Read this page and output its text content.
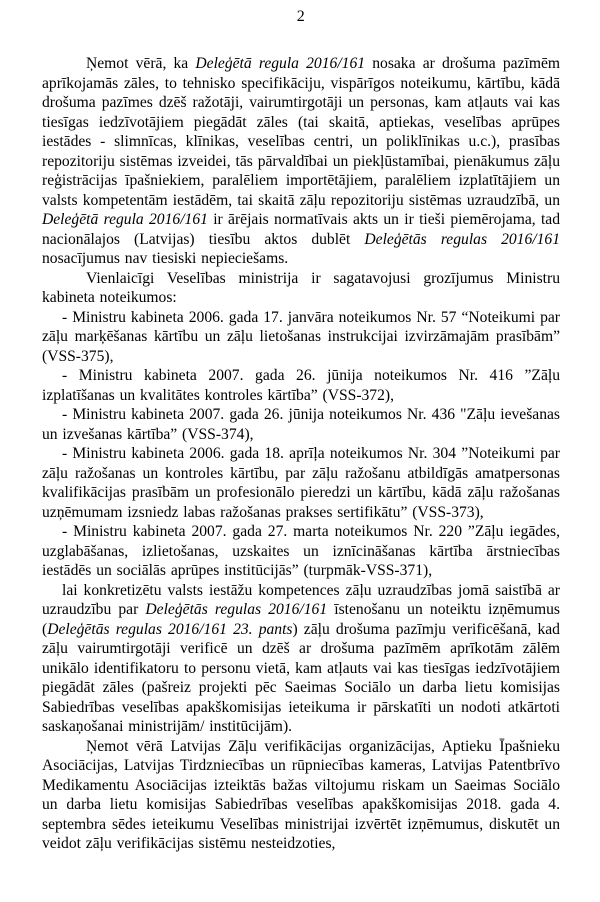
2

Ņemot vērā, ka Deleģētā regula 2016/161 nosaka ar drošuma pazīmēm aprīkojamās zāles, to tehnisko specifikāciju, vispārīgos noteikumu, kārtību, kādā drošuma pazīmes dzēš ražotāji, vairumtirgotāji un personas, kam atļauts vai kas tiesīgas iedzīvotājiem piegādāt zāles (tai skaitā, aptiekas, veselības aprūpes iestādes - slimnīcas, klīnikas, veselības centri, un poliklīnikas u.c.), prasības repozitoriju sistēmas izveidei, tās pārvaldībai un piekļūstamībai, pienākumus zāļu reģistrācijas īpašniekiem, paralēliem importētājiem, paralēliem izplatītājiem un valsts kompetentām iestādēm, tai skaitā zāļu repozitoriju sistēmas uzraudzībā, un Deleģētā regula 2016/161 ir ārējais normatīvais akts un ir tieši piemērojama, tad nacionālajos (Latvijas) tiesību aktos dublēt Deleģētās regulas 2016/161 nosacījumus nav tiesiski nepieciešams.

Vienlaicīgi Veselības ministrija ir sagatavojusi grozījumus Ministru kabineta noteikumos:

- Ministru kabineta 2006. gada 17. janvāra noteikumos Nr. 57 “Noteikumi par zāļu marķēšanas kārtību un zāļu lietošanas instrukcijai izvirzāmajām prasībām” (VSS-375),

- Ministru kabineta 2007. gada 26. jūnija noteikumos Nr. 416 ”Zāļu izplatīšanas un kvalitātes kontroles kārtība” (VSS-372),

- Ministru kabineta 2007. gada 26. jūnija noteikumos Nr. 436 "Zāļu ievešanas un izvešanas kārtība” (VSS-374),

- Ministru kabineta 2006. gada 18. aprīļa noteikumos Nr. 304 ”Noteikumi par zāļu ražošanas un kontroles kārtību, par zāļu ražošanu atbildīgās amatpersonas kvalifikācijas prasībām un profesionālo pieredzi un kārtību, kādā zāļu ražošanas uzņēmumam izsniedz labas ražošanas prakses sertifikātu” (VSS-373),

- Ministru kabineta 2007. gada 27. marta noteikumos Nr. 220 ”Zāļu iegādes, uzglabāšanas, izlietošanas, uzskaites un iznīcināšanas kārtība ārstniecības iestādēs un sociālās aprūpes institūcijās” (turpmāk-VSS-371),

lai konkretizētu valsts iestāžu kompetences zāļu uzraudzības jomā saistībā ar uzraudzību par Deleģētās regulas 2016/161 īstenošanu un noteiktu izņēmumus (Deleģētās regulas 2016/161 23. pants) zāļu drošuma pazīmju verificēšanā, kad zāļu vairumtirgotāji verificē un dzēš ar drošuma pazīmēm aprīkotām zālēm unikālo identifikatoru to personu vietā, kam atļauts vai kas tiesīgas iedzīvotājiem piegādāt zāles (pašreiz projekti pēc Saeimas Sociālo un darba lietu komisijas Sabiedrības veselības apakškomisijas ieteikuma ir pārskatīti un nodoti atkārtoti saskaņošanai ministrijām/ institūcijām).

Ņemot vērā Latvijas Zāļu verifikācijas organizācijas, Aptieku Īpašnieku Asociācijas, Latvijas Tirdzniecības un rūpniecības kameras, Latvijas Patentbrīvo Medikamentu Asociācijas izteiktās bažas viltojumu riskam un Saeimas Sociālo un darba lietu komisijas Sabiedrības veselības apakškomisijas 2018. gada 4. septembra sēdes ieteikumu Veselības ministrijai izvērtēt izņēmumus, diskutēt un veidot zāļu verifikācijas sistēmu nesteidzoties,
